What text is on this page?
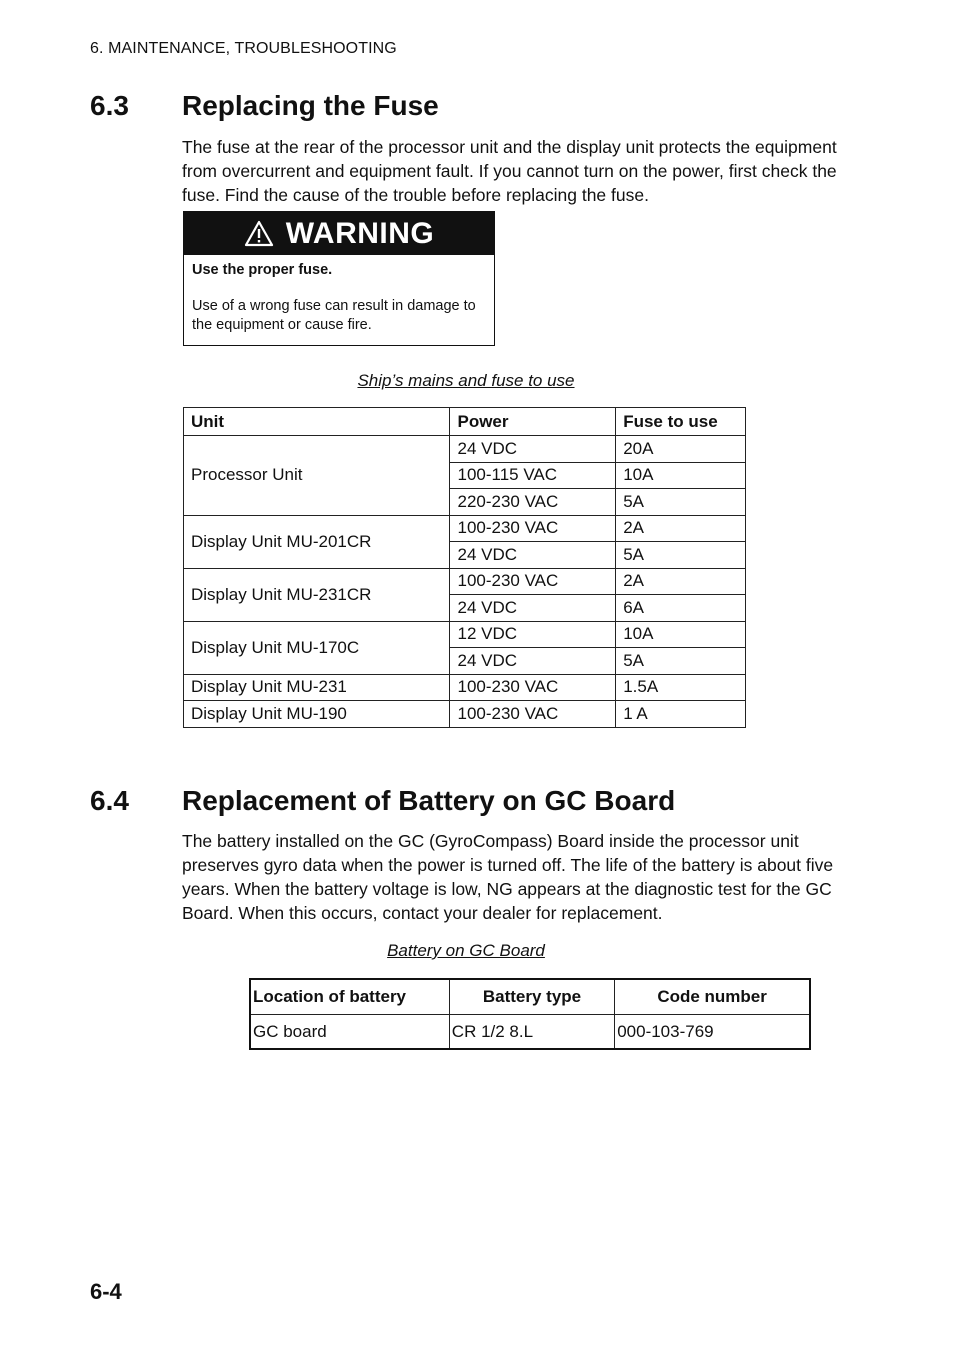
6. MAINTENANCE, TROUBLESHOOTING
6.3 Replacing the Fuse
The fuse at the rear of the processor unit and the display unit protects the equipment from overcurrent and equipment fault. If you cannot turn on the power, first check the fuse. Find the cause of the trouble before replacing the fuse.
WARNING
Use the proper fuse.
Use of a wrong fuse can result in damage to the equipment or cause fire.
Ship’s mains and fuse to use
Unit	Power	Fuse to use
Processor Unit	24 VDC	20A
	100-115 VAC	10A
	220-230 VAC	5A
Display Unit MU-201CR	100-230 VAC	2A
	24 VDC	5A
Display Unit MU-231CR	100-230 VAC	2A
	24 VDC	6A
Display Unit MU-170C	12 VDC	10A
	24 VDC	5A
Display Unit MU-231	100-230 VAC	1.5A
Display Unit MU-190	100-230 VAC	1 A
6.4 Replacement of Battery on GC Board
The battery installed on the GC (GyroCompass) Board inside the processor unit preserves gyro data when the power is turned off. The life of the battery is about five years. When the battery voltage is low, NG appears at the diagnostic test for the GC Board. When this occurs, contact your dealer for replacement.
Battery on GC Board
Location of battery	Battery type	Code number
GC board	CR 1/2 8.L	000-103-769
6-4
